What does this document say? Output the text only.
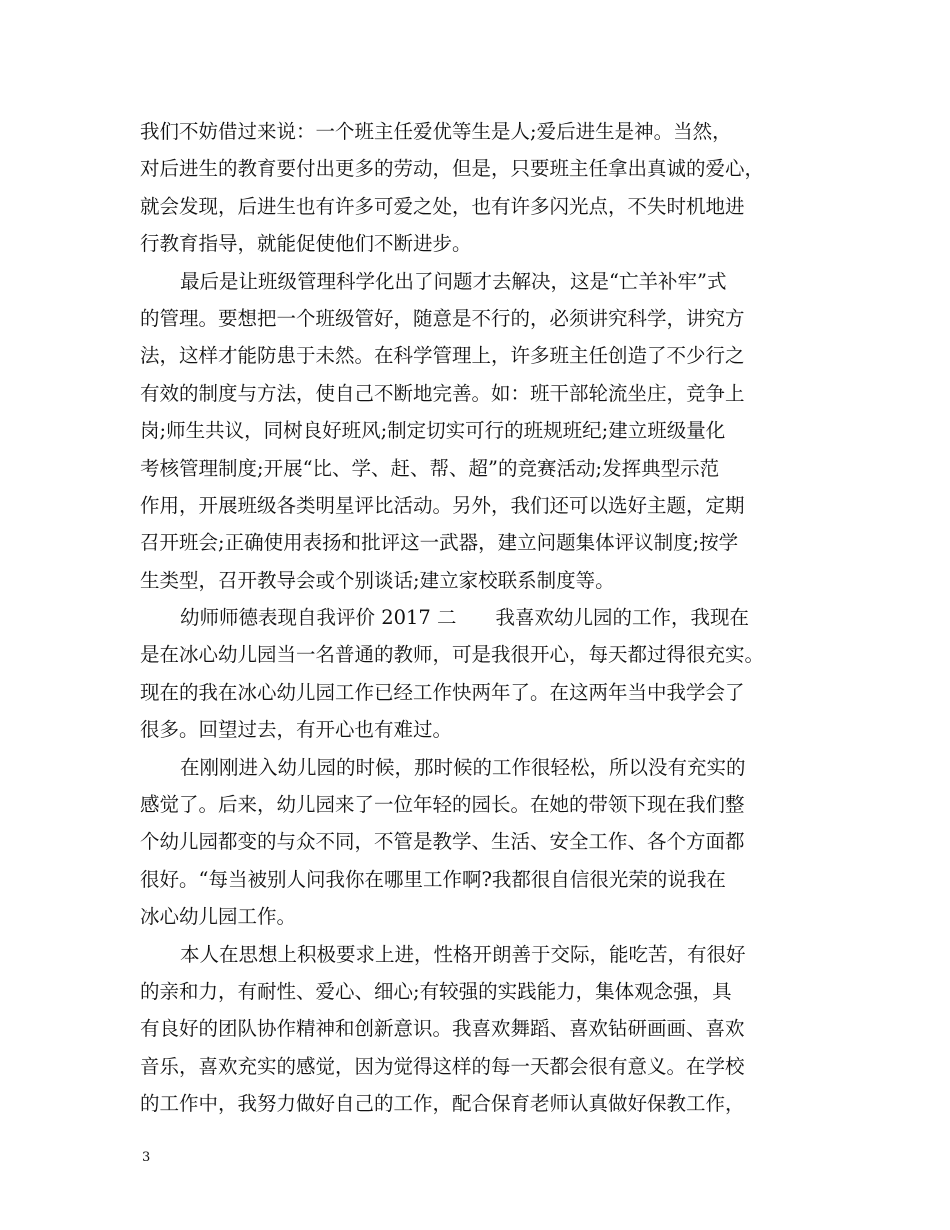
我们不妨借过来说：一个班主任爱优等生是人;爱后进生是神。当然，
对后进生的教育要付出更多的劳动，但是，只要班主任拿出真诚的爱心，
就会发现，后进生也有许多可爱之处，也有许多闪光点，不失时机地进
行教育指导，就能促使他们不断进步。
最后是让班级管理科学化出了问题才去解决，这是“亡羊补牢”式
的管理。要想把一个班级管好，随意是不行的，必须讲究科学，讲究方
法，这样才能防患于未然。在科学管理上，许多班主任创造了不少行之
有效的制度与方法，使自己不断地完善。如：班干部轮流坐庄，竞争上
岗;师生共议，同树良好班风;制定切实可行的班规班纪;建立班级量化
考核管理制度;开展“比、学、赶、帮、超”的竞赛活动;发挥典型示范
作用，开展班级各类明星评比活动。另外，我们还可以选好主题，定期
召开班会;正确使用表扬和批评这一武器，建立问题集体评议制度;按学
生类型，召开教导会或个别谈话;建立家校联系制度等。
幼师师德表现自我评价 2017 二　　我喜欢幼儿园的工作，我现在
是在冰心幼儿园当一名普通的教师，可是我很开心，每天都过得很充实。
现在的我在冰心幼儿园工作已经工作快两年了。在这两年当中我学会了
很多。回望过去，有开心也有难过。
在刚刚进入幼儿园的时候，那时候的工作很轻松，所以没有充实的
感觉了。后来，幼儿园来了一位年轻的园长。在她的带领下现在我们整
个幼儿园都变的与众不同，不管是教学、生活、安全工作、各个方面都
很好。“每当被别人问我你在哪里工作啊?我都很自信很光荣的说我在
冰心幼儿园工作。
本人在思想上积极要求上进，性格开朗善于交际，能吃苦，有很好
的亲和力，有耐性、爱心、细心;有较强的实践能力，集体观念强，具
有良好的团队协作精神和创新意识。我喜欢舞蹈、喜欢钻研画画、喜欢
音乐，喜欢充实的感觉，因为觉得这样的每一天都会很有意义。在学校
的工作中，我努力做好自己的工作，配合保育老师认真做好保教工作，
3
